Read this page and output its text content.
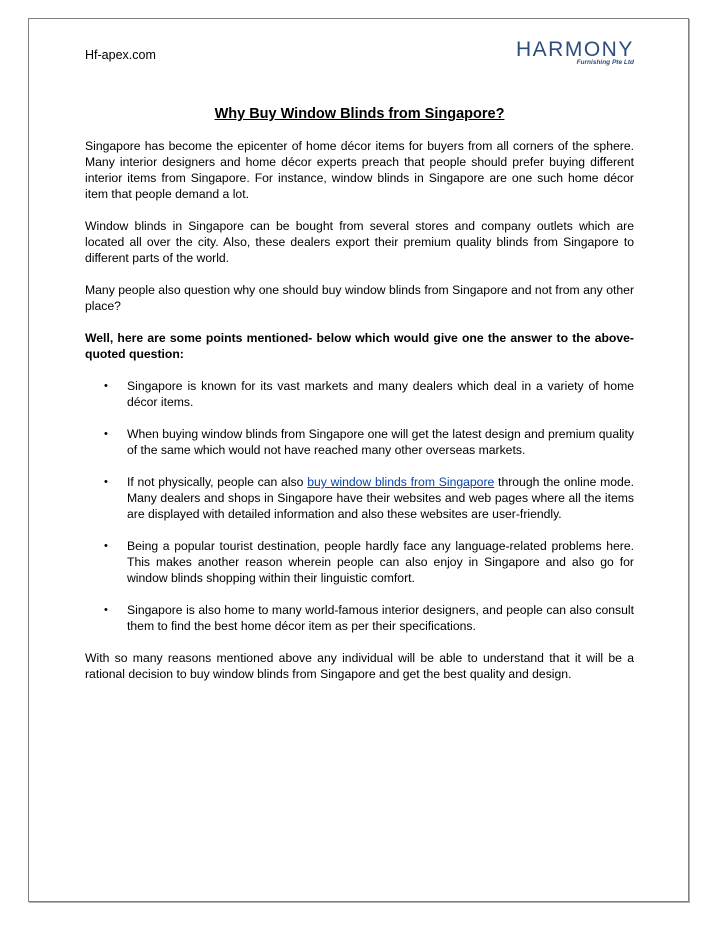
Hf-apex.com	HARMONY
Furnishing Pte Ltd
Why Buy Window Blinds from Singapore?

Singapore has become the epicenter of home décor items for buyers from all corners of the sphere. Many interior designers and home décor experts preach that people should prefer buying different interior items from Singapore. For instance, window blinds in Singapore are one such home décor item that people demand a lot.

Window blinds in Singapore can be bought from several stores and company outlets which are located all over the city. Also, these dealers export their premium quality blinds from Singapore to different parts of the world.

Many people also question why one should buy window blinds from Singapore and not from any other place?

Well, here are some points mentioned- below which would give one the answer to the above-quoted question:

• Singapore is known for its vast markets and many dealers which deal in a variety of home décor items.
• When buying window blinds from Singapore one will get the latest design and premium quality of the same which would not have reached many other overseas markets.
• If not physically, people can also buy window blinds from Singapore through the online mode. Many dealers and shops in Singapore have their websites and web pages where all the items are displayed with detailed information and also these websites are user-friendly.
• Being a popular tourist destination, people hardly face any language-related problems here. This makes another reason wherein people can also enjoy in Singapore and also go for window blinds shopping within their linguistic comfort.
• Singapore is also home to many world-famous interior designers, and people can also consult them to find the best home décor item as per their specifications.

With so many reasons mentioned above any individual will be able to understand that it will be a rational decision to buy window blinds from Singapore and get the best quality and design.
